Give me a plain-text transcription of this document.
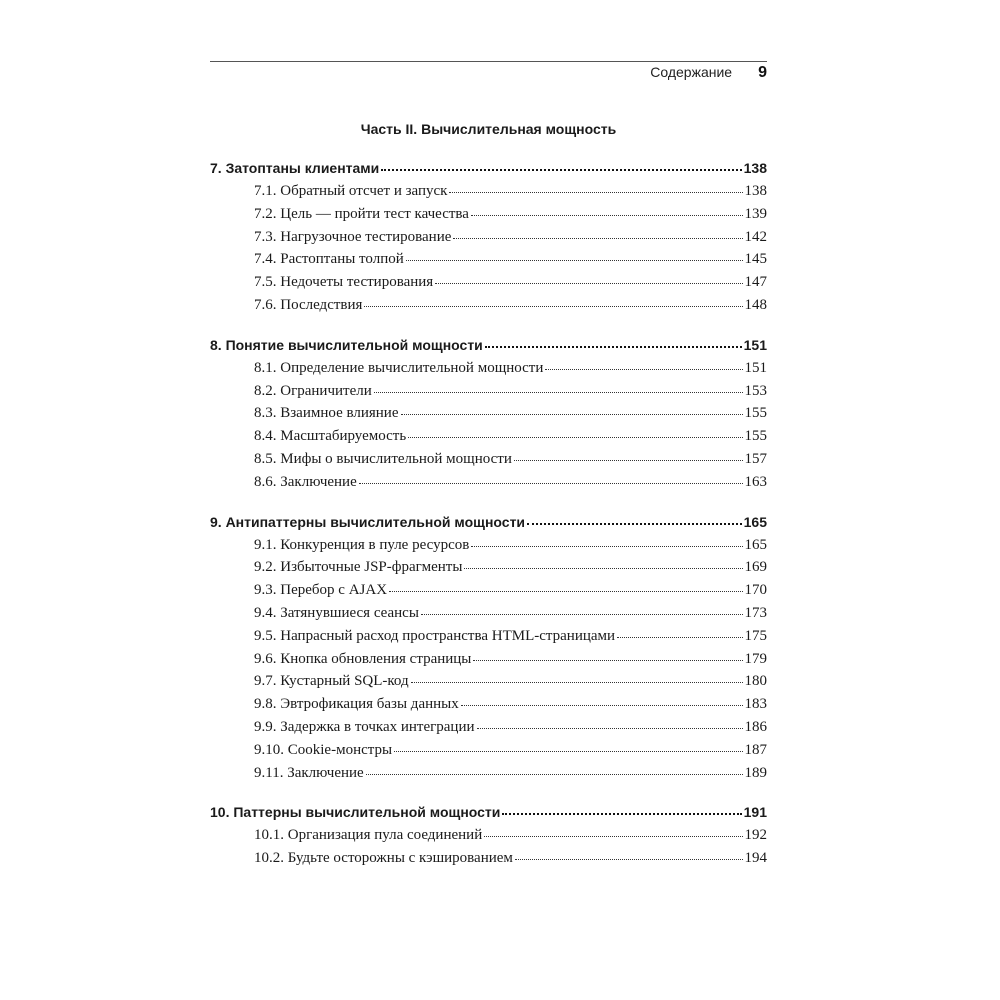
Содержание 9
Часть II. Вычислительная мощность
7. Затоптаны клиентами	138
7.1. Обратный отсчет и запуск	138
7.2. Цель — пройти тест качества	139
7.3. Нагрузочное тестирование	142
7.4. Растоптаны толпой	145
7.5. Недочеты тестирования	147
7.6. Последствия	148
8. Понятие вычислительной мощности	151
8.1. Определение вычислительной мощности	151
8.2. Ограничители	153
8.3. Взаимное влияние	155
8.4. Масштабируемость	155
8.5. Мифы о вычислительной мощности	157
8.6. Заключение	163
9. Антипаттерны вычислительной мощности	165
9.1. Конкуренция в пуле ресурсов	165
9.2. Избыточные JSP-фрагменты	169
9.3. Перебор с AJAX	170
9.4. Затянувшиеся сеансы	173
9.5. Напрасный расход пространства HTML-страницами	175
9.6. Кнопка обновления страницы	179
9.7. Кустарный SQL-код	180
9.8. Эвтрофикация базы данных	183
9.9. Задержка в точках интеграции	186
9.10. Cookie-монстры	187
9.11. Заключение	189
10. Паттерны вычислительной мощности	191
10.1. Организация пула соединений	192
10.2. Будьте осторожны с кэшированием	194
